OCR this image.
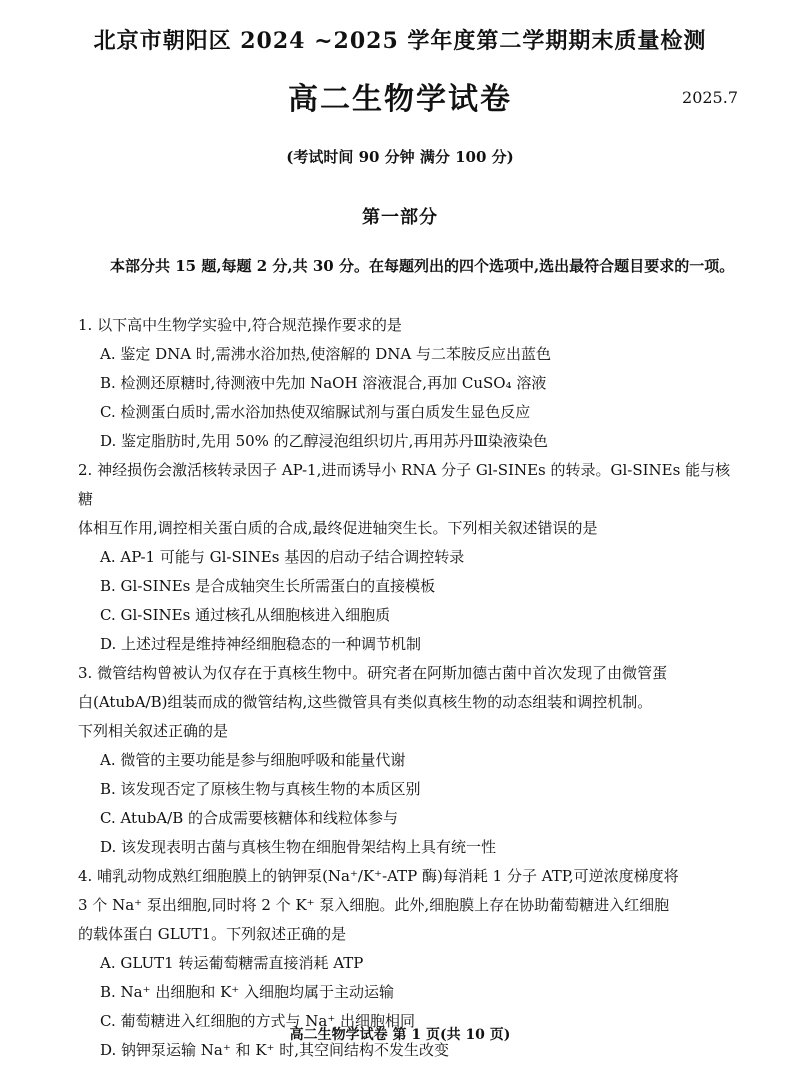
北京市朝阳区 2024 ~2025 学年度第二学期期末质量检测
高二生物学试卷	2025.7
(考试时间 90 分钟 满分 100 分)
第一部分
本部分共 15 题,每题 2 分,共 30 分。在每题列出的四个选项中,选出最符合题目要求的一项。
1. 以下高中生物学实验中,符合规范操作要求的是
A. 鉴定 DNA 时,需沸水浴加热,使溶解的 DNA 与二苯胺反应出蓝色
B. 检测还原糖时,待测液中先加 NaOH 溶液混合,再加 CuSO₄ 溶液
C. 检测蛋白质时,需水浴加热使双缩脲试剂与蛋白质发生显色反应
D. 鉴定脂肪时,先用 50% 的乙醇浸泡组织切片,再用苏丹Ⅲ染液染色
2. 神经损伤会激活核转录因子 AP-1,进而诱导小 RNA 分子 Gl-SINEs 的转录。Gl-SINEs 能与核糖
体相互作用,调控相关蛋白质的合成,最终促进轴突生长。下列相关叙述错误的是
A. AP-1 可能与 Gl-SINEs 基因的启动子结合调控转录
B. Gl-SINEs 是合成轴突生长所需蛋白的直接模板
C. Gl-SINEs 通过核孔从细胞核进入细胞质
D. 上述过程是维持神经细胞稳态的一种调节机制
3. 微管结构曾被认为仅存在于真核生物中。研究者在阿斯加德古菌中首次发现了由微管蛋
白(AtubA/B)组装而成的微管结构,这些微管具有类似真核生物的动态组装和调控机制。
下列相关叙述正确的是
A. 微管的主要功能是参与细胞呼吸和能量代谢
B. 该发现否定了原核生物与真核生物的本质区别
C. AtubA/B 的合成需要核糖体和线粒体参与
D. 该发现表明古菌与真核生物在细胞骨架结构上具有统一性
4. 哺乳动物成熟红细胞膜上的钠钾泵(Na⁺/K⁺-ATP 酶)每消耗 1 分子 ATP,可逆浓度梯度将
3 个 Na⁺ 泵出细胞,同时将 2 个 K⁺ 泵入细胞。此外,细胞膜上存在协助葡萄糖进入红细胞
的载体蛋白 GLUT1。下列叙述正确的是
A. GLUT1 转运葡萄糖需直接消耗 ATP
B. Na⁺ 出细胞和 K⁺ 入细胞均属于主动运输
C. 葡萄糖进入红细胞的方式与 Na⁺ 出细胞相同
D. 钠钾泵运输 Na⁺ 和 K⁺ 时,其空间结构不发生改变
高二生物学试卷 第 1 页(共 10 页)
